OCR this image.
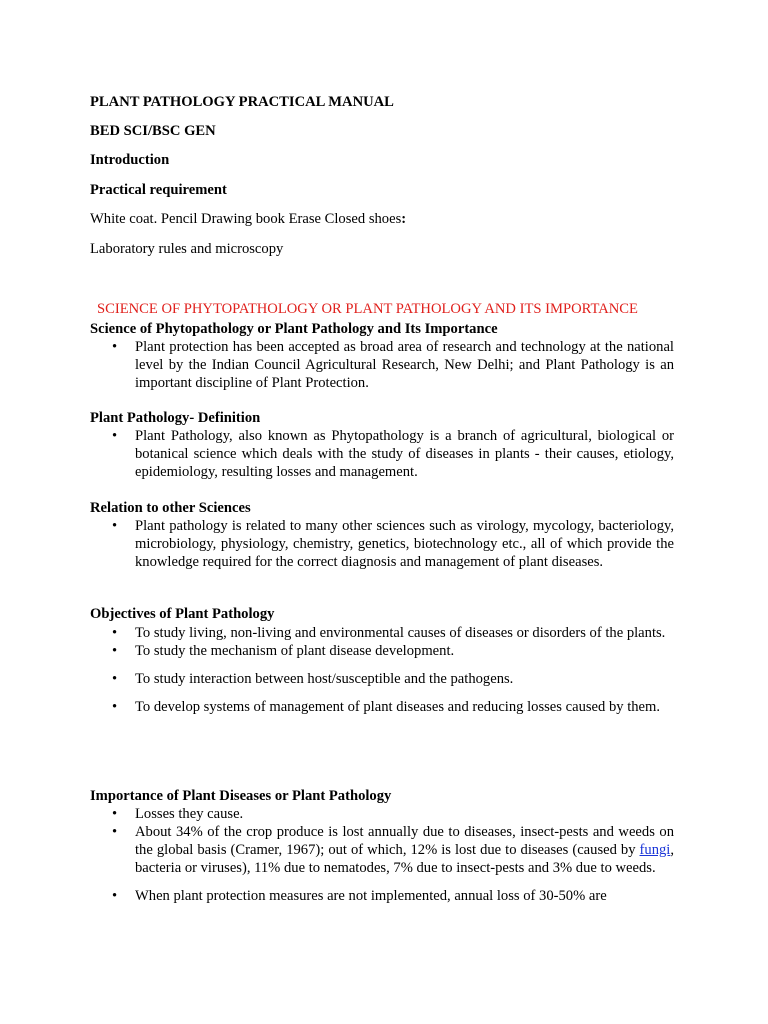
PLANT PATHOLOGY PRACTICAL MANUAL
BED SCI/BSC GEN
Introduction
Practical requirement
White coat. Pencil Drawing book Erase Closed shoes:
Laboratory rules and microscopy
SCIENCE OF PHYTOPATHOLOGY OR PLANT PATHOLOGY AND ITS IMPORTANCE
Science of Phytopathology or Plant Pathology and Its Importance
• Plant protection has been accepted as broad area of research and technology at the national level by the Indian Council Agricultural Research, New Delhi; and Plant Pathology is an important discipline of Plant Protection.
Plant Pathology- Definition
• Plant Pathology, also known as Phytopathology is a branch of agricultural, biological or botanical science which deals with the study of diseases in plants - their causes, etiology, epidemiology, resulting losses and management.
Relation to other Sciences
• Plant pathology is related to many other sciences such as virology, mycology, bacteriology, microbiology, physiology, chemistry, genetics, biotechnology etc., all of which provide the knowledge required for the correct diagnosis and management of plant diseases.
Objectives of Plant Pathology
• To study living, non-living and environmental causes of diseases or disorders of the plants.
• To study the mechanism of plant disease development.
• To study interaction between host/susceptible and the pathogens.
• To develop systems of management of plant diseases and reducing losses caused by them.
Importance of Plant Diseases or Plant Pathology
• Losses they cause.
• About 34% of the crop produce is lost annually due to diseases, insect-pests and weeds on the global basis (Cramer, 1967); out of which, 12% is lost due to diseases (caused by fungi, bacteria or viruses), 11% due to nematodes, 7% due to insect-pests and 3% due to weeds.
• When plant protection measures are not implemented, annual loss of 30-50% are
